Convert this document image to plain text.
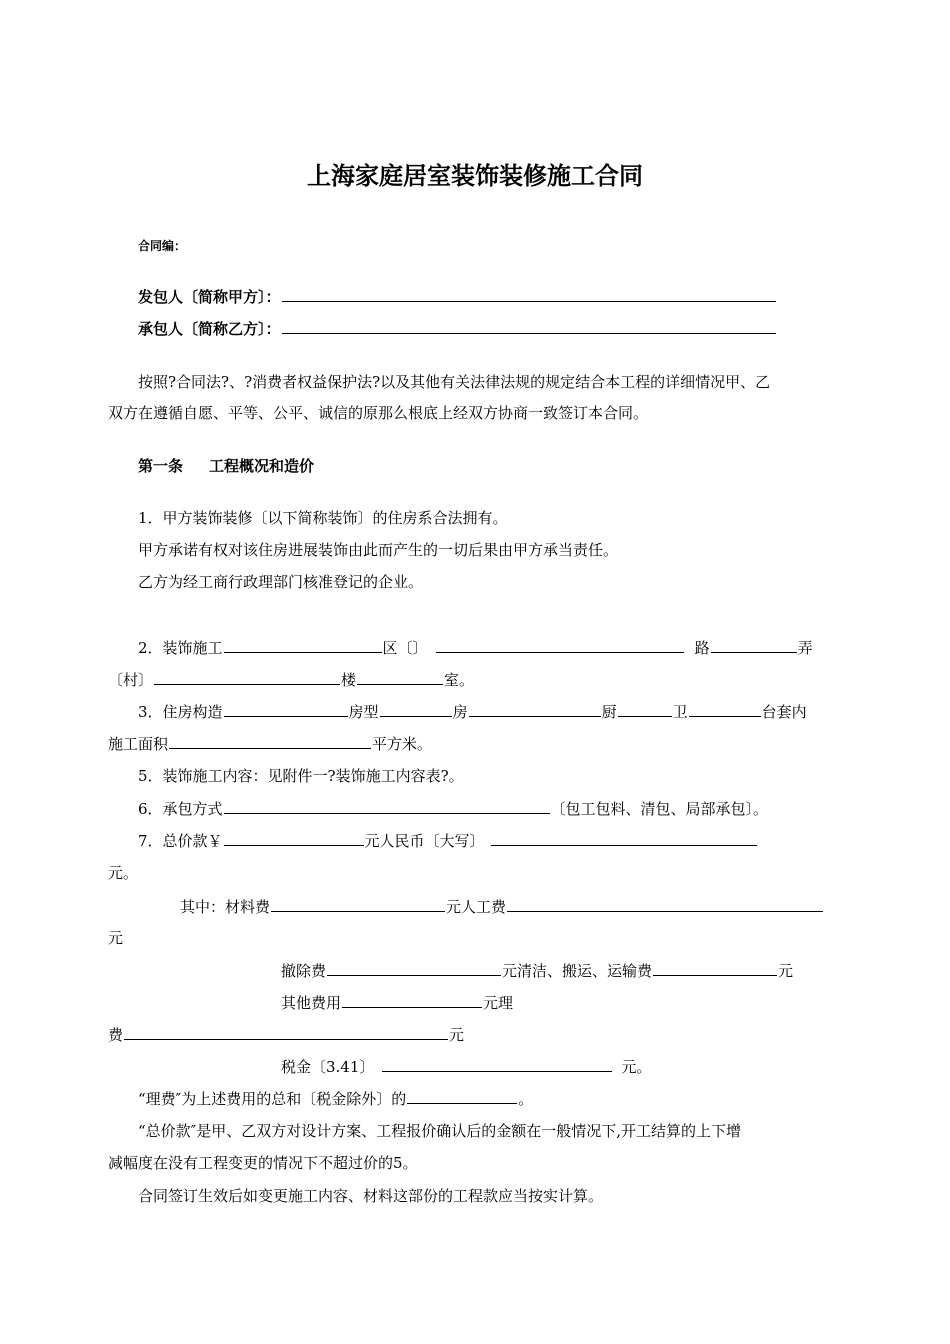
上海家庭居室装饰装修施工合同
合同编：
发包人〔简称甲方〕：
承包人〔简称乙方〕：
按照?合同法?、?消费者权益保护法?以及其他有关法律法规的规定结合本工程的详细情况甲、乙
双方在遵循自愿、平等、公平、诚信的原那么根底上经双方协商一致签订本合同。
第一条 工程概况和造价
1．甲方装饰装修〔以下简称装饰〕的住房系合法拥有。
甲方承诺有权对该住房进展装饰由此而产生的一切后果由甲方承当责任。
乙方为经工商行政理部门核准登记的企业。
2．装饰施工	区〔〕	路	弄
〔村〕	楼	室。
3．住房构造	房型	房	厨	卫	台套内
施工面积	平方米。
5．装饰施工内容：见附件一?装饰施工内容表?。
6．承包方式	〔包工包料、清包、局部承包〕。
7．总价款￥	元人民币〔大写〕
元。
其中：材料费	元人工费
元
撤除费	元清洁、搬运、运输费	元
其他费用	元理
费	元
税金〔3.41〕	元。
“理费″为上述费用的总和〔税金除外〕的	。
“总价款″是甲、乙双方对设计方案、工程报价确认后的金额在一般情况下,开工结算的上下增
减幅度在没有工程变更的情况下不超过价的5。
合同签订生效后如变更施工内容、材料这部份的工程款应当按实计算。
